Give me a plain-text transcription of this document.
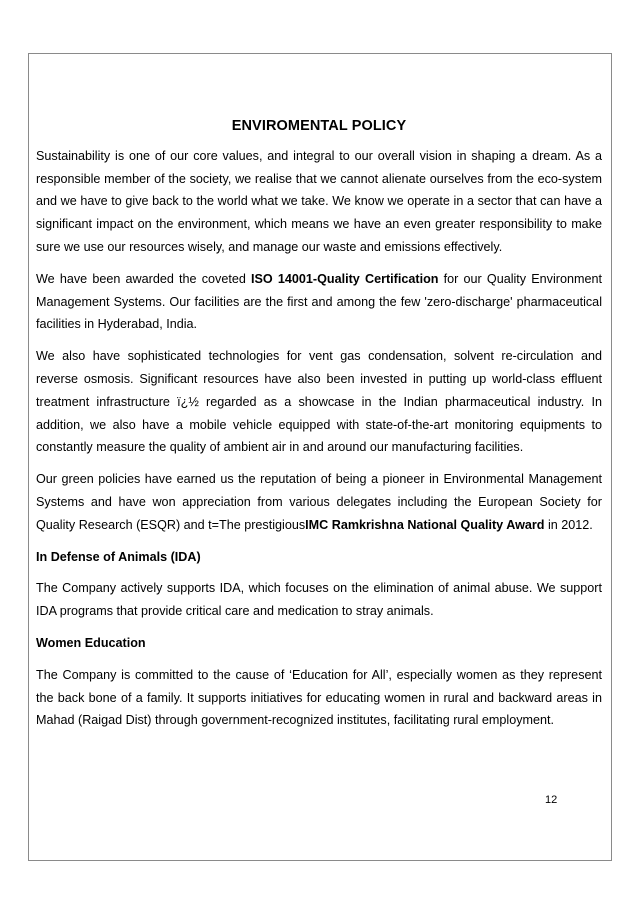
ENVIROMENTAL POLICY

Sustainability is one of our core values, and integral to our overall vision in shaping a dream. As a responsible member of the society, we realise that we cannot alienate ourselves from the eco-system and we have to give back to the world what we take. We know we operate in a sector that can have a significant impact on the environment, which means we have an even greater responsibility to make sure we use our resources wisely, and manage our waste and emissions effectively.

We have been awarded the coveted ISO 14001-Quality Certification for our Quality Environment Management Systems. Our facilities are the first and among the few 'zero-discharge' pharmaceutical facilities in Hyderabad, India.

We also have sophisticated technologies for vent gas condensation, solvent re-circulation and reverse osmosis. Significant resources have also been invested in putting up world-class effluent treatment infrastructure ï¿½ regarded as a showcase in the Indian pharmaceutical industry. In addition, we also have a mobile vehicle equipped with state-of-the-art monitoring equipments to constantly measure the quality of ambient air in and around our manufacturing facilities.

Our green policies have earned us the reputation of being a pioneer in Environmental Management Systems and have won appreciation from various delegates including the European Society for Quality Research (ESQR) and t=The prestigiousIMC Ramkrishna National Quality Award in 2012.

In Defense of Animals (IDA)

The Company actively supports IDA, which focuses on the elimination of animal abuse. We support IDA programs that provide critical care and medication to stray animals.

Women Education

The Company is committed to the cause of ‘Education for All’, especially women as they represent the back bone of a family. It supports initiatives for educating women in rural and backward areas in Mahad (Raigad Dist) through government-recognized institutes, facilitating rural employment.

12
